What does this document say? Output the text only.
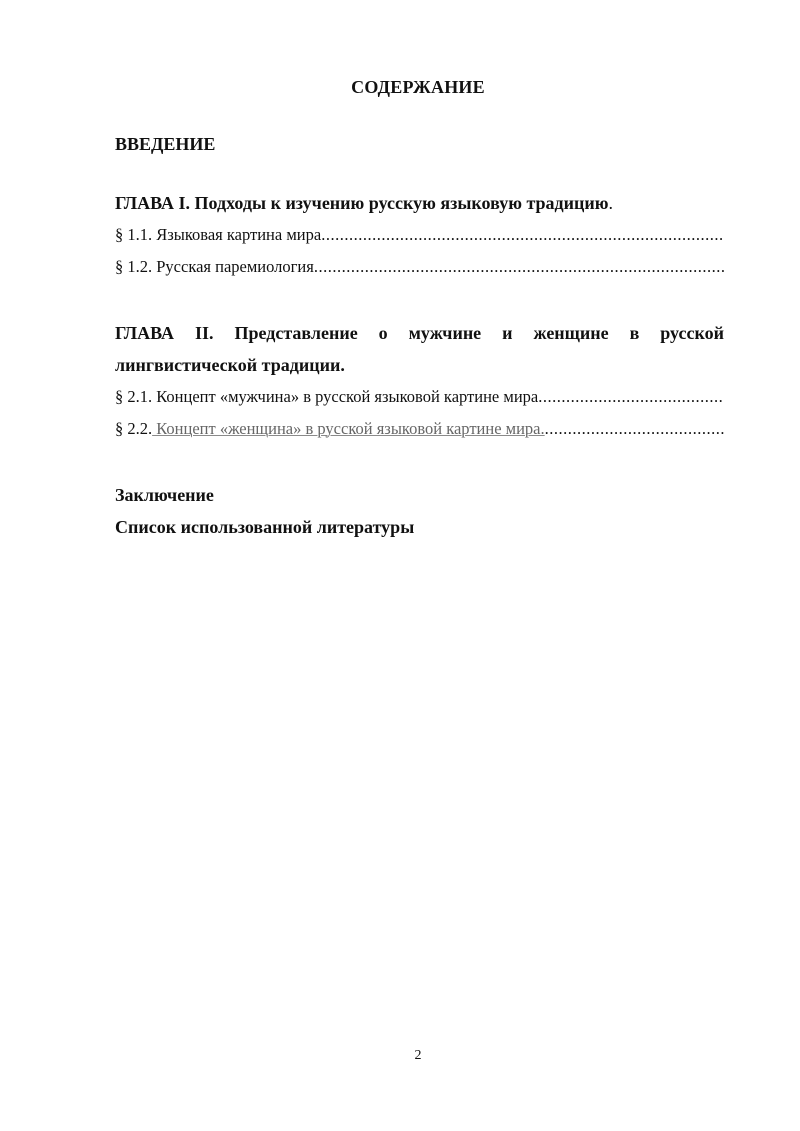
СОДЕРЖАНИЕ
ВВЕДЕНИЕ
ГЛАВА I. Подходы к изучению русскую языковую традицию.
§ 1.1. Языковая картина мира
.....
§ 1.2. Русская паремиология
.....
ГЛАВА II. Представление о мужчине и женщине в русской лингвистической традиции.
§ 2.1. Концепт «мужчина» в русской языковой картине мира
.....
§ 2.2. Концепт «женщина» в русской языковой картине мира.
.....
Заключение
Список использованной литературы
2
